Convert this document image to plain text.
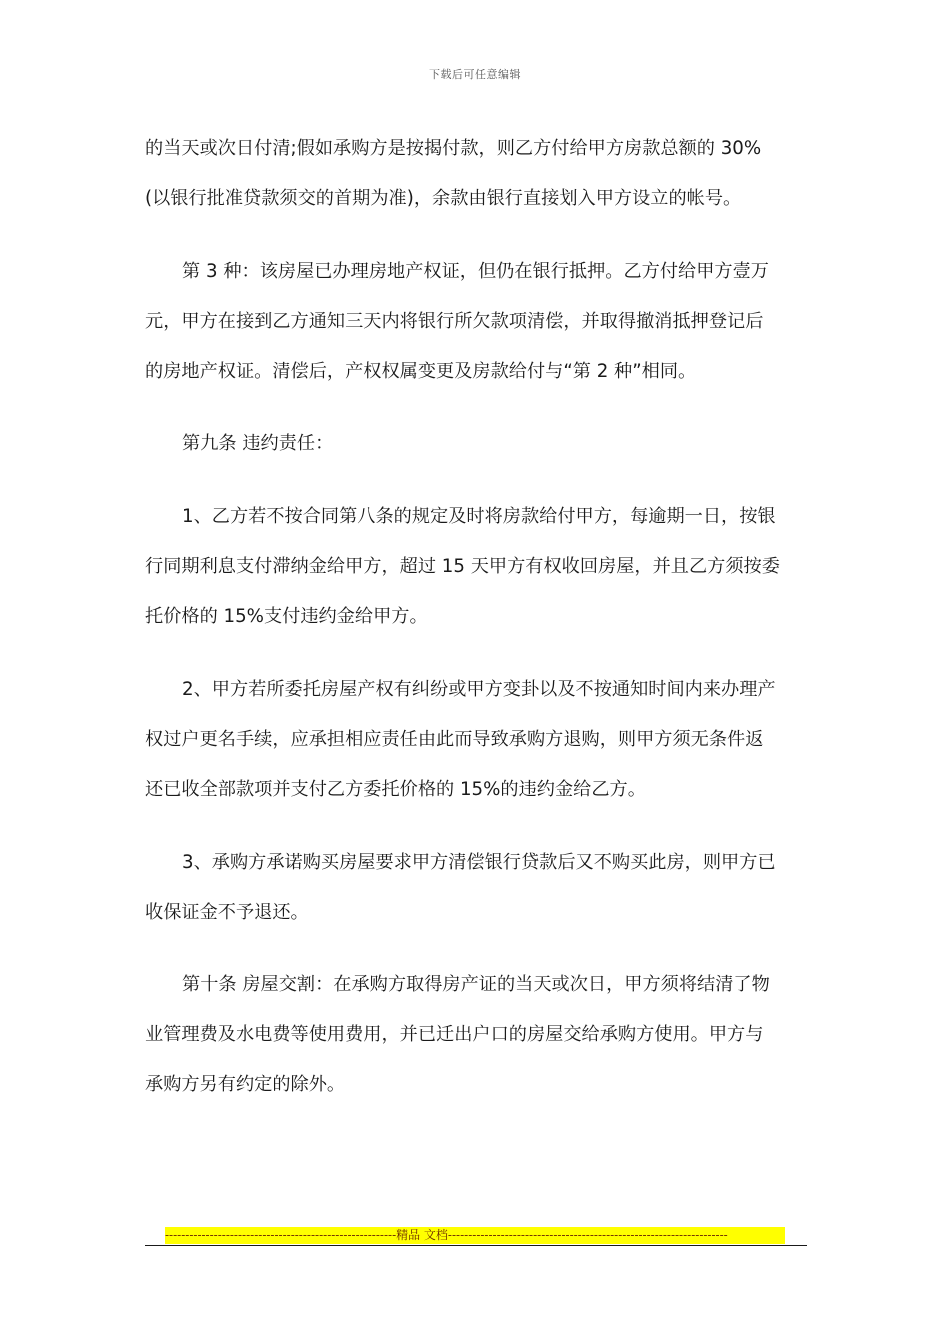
下载后可任意编辑
的当天或次日付清;假如承购方是按揭付款，则乙方付给甲方房款总额的 30%
(以银行批准贷款须交的首期为准)，余款由银行直接划入甲方设立的帐号。
第 3 种：该房屋已办理房地产权证，但仍在银行抵押。乙方付给甲方壹万
元，甲方在接到乙方通知三天内将银行所欠款项清偿，并取得撤消抵押登记后
的房地产权证。清偿后，产权权属变更及房款给付与“第 2 种”相同。
第九条 违约责任：
1、乙方若不按合同第八条的规定及时将房款给付甲方，每逾期一日，按银
行同期利息支付滞纳金给甲方，超过 15 天甲方有权收回房屋，并且乙方须按委
托价格的 15%支付违约金给甲方。
2、甲方若所委托房屋产权有纠纷或甲方变卦以及不按通知时间内来办理产
权过户更名手续，应承担相应责任由此而导致承购方退购，则甲方须无条件返
还已收全部款项并支付乙方委托价格的 15%的违约金给乙方。
3、承购方承诺购买房屋要求甲方清偿银行贷款后又不购买此房，则甲方已
收保证金不予退还。
第十条 房屋交割：在承购方取得房产证的当天或次日，甲方须将结清了物
业管理费及水电费等使用费用，并已迁出户口的房屋交给承购方使用。甲方与
承购方另有约定的除外。
---------------------------------------------------------精品 文档---------------------------------------------------------------------
